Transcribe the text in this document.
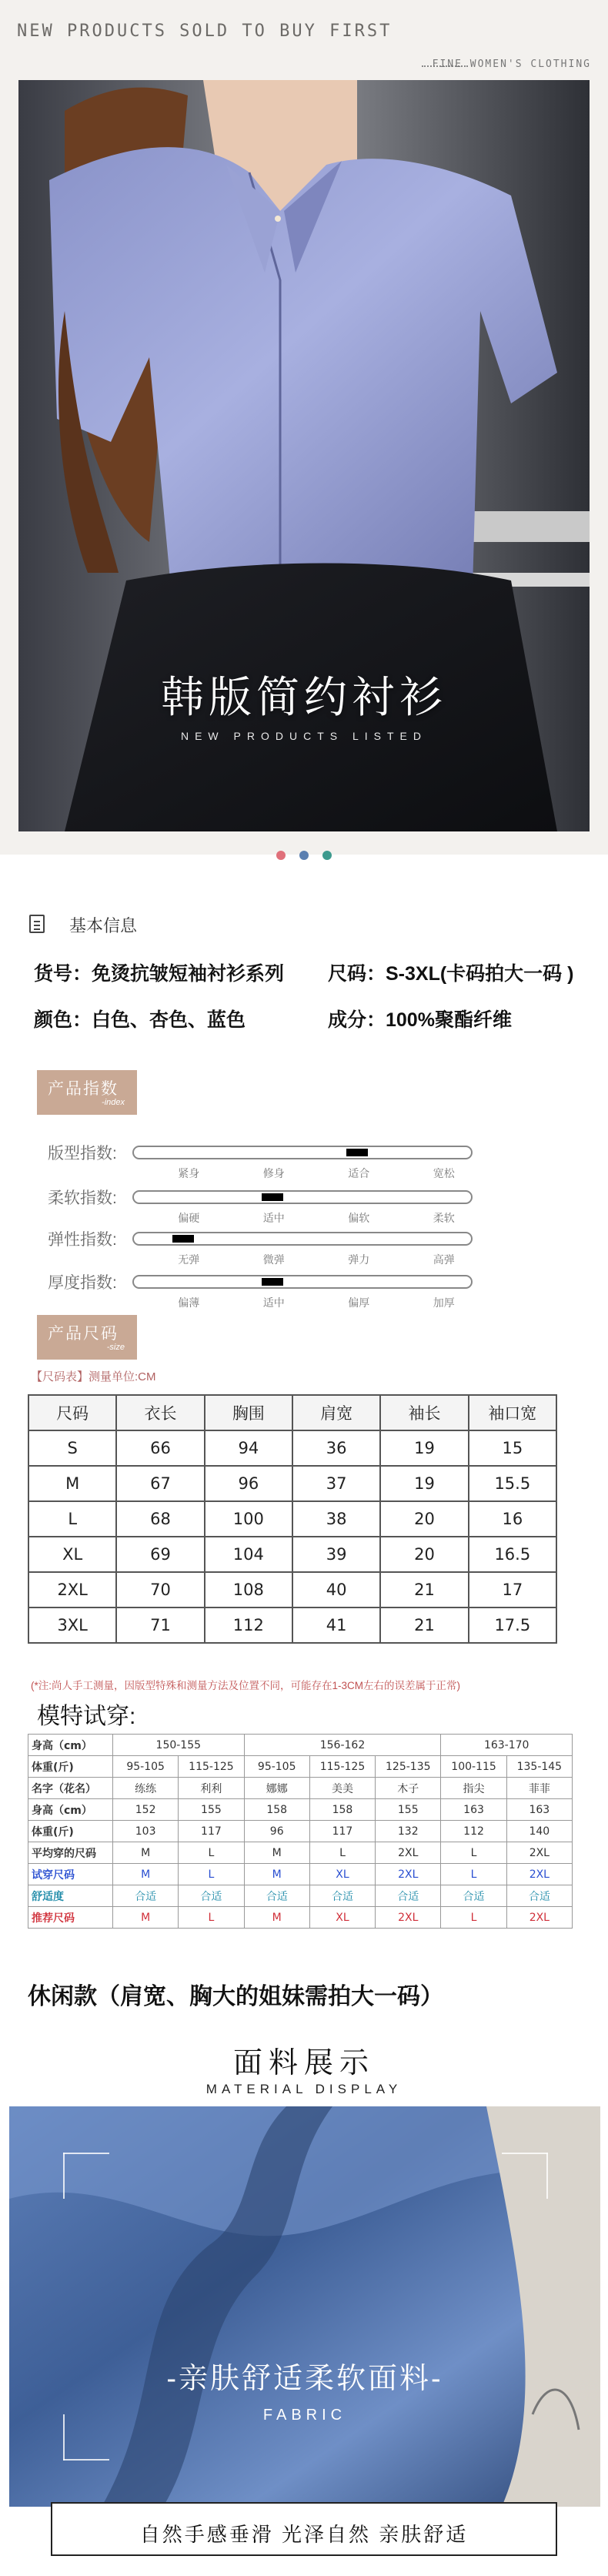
NEW PRODUCTS SOLD TO BUY FIRST
FINE WOMEN'S CLOTHING
韩版简约衬衫
NEW PRODUCTS LISTED
基本信息
货号：免烫抗皱短袖衬衫系列 尺码：S-3XL(卡码拍大一码 )
颜色：白色、杏色、蓝色	成分：100%聚酯纤维
产品指数
-index
版型指数:
紧身	修身	适合	宽松
柔软指数:
偏硬	适中	偏软	柔软
弹性指数:
无弹	微弹	弹力	高弹
厚度指数:
偏薄	适中	偏厚	加厚
产品尺码
-size
【尺码表】测量单位:CM
尺码	衣长	胸围	肩宽	袖长	袖口宽
S	66	94	36	19	15
M	67	96	37	19	15.5
L	68	100	38	20	16
XL	69	104	39	20	16.5
2XL	70	108	40	21	17
3XL	71	112	41	21	17.5
(*注:尚人手工测量，因版型特殊和测量方法及位置不同，可能存在1-3CM左右的误差属于正常)
模特试穿:
身高（cm）	150-155		156-162			163-170	
体重(斤)	95-105	115-125	95-105	115-125	125-135	100-115	135-145
名字（花名）	练练	利利	娜娜	美美	木子	指尖	菲菲
身高（cm）	152	155	158	158	155	163	163
体重(斤)	103	117	96	117	132	112	140
平均穿的尺码	M	L	M	L	2XL	L	2XL
试穿尺码	M	L	M	XL	2XL	L	2XL
舒适度	合适	合适	合适	合适	合适	合适	合适
推荐尺码	M	L	M	XL	2XL	L	2XL
休闲款（肩宽、胸大的姐妹需拍大一码）
面料展示
MATERIAL DISPLAY
-亲肤舒适柔软面料-
FABRIC
自然手感垂滑 光泽自然 亲肤舒适
